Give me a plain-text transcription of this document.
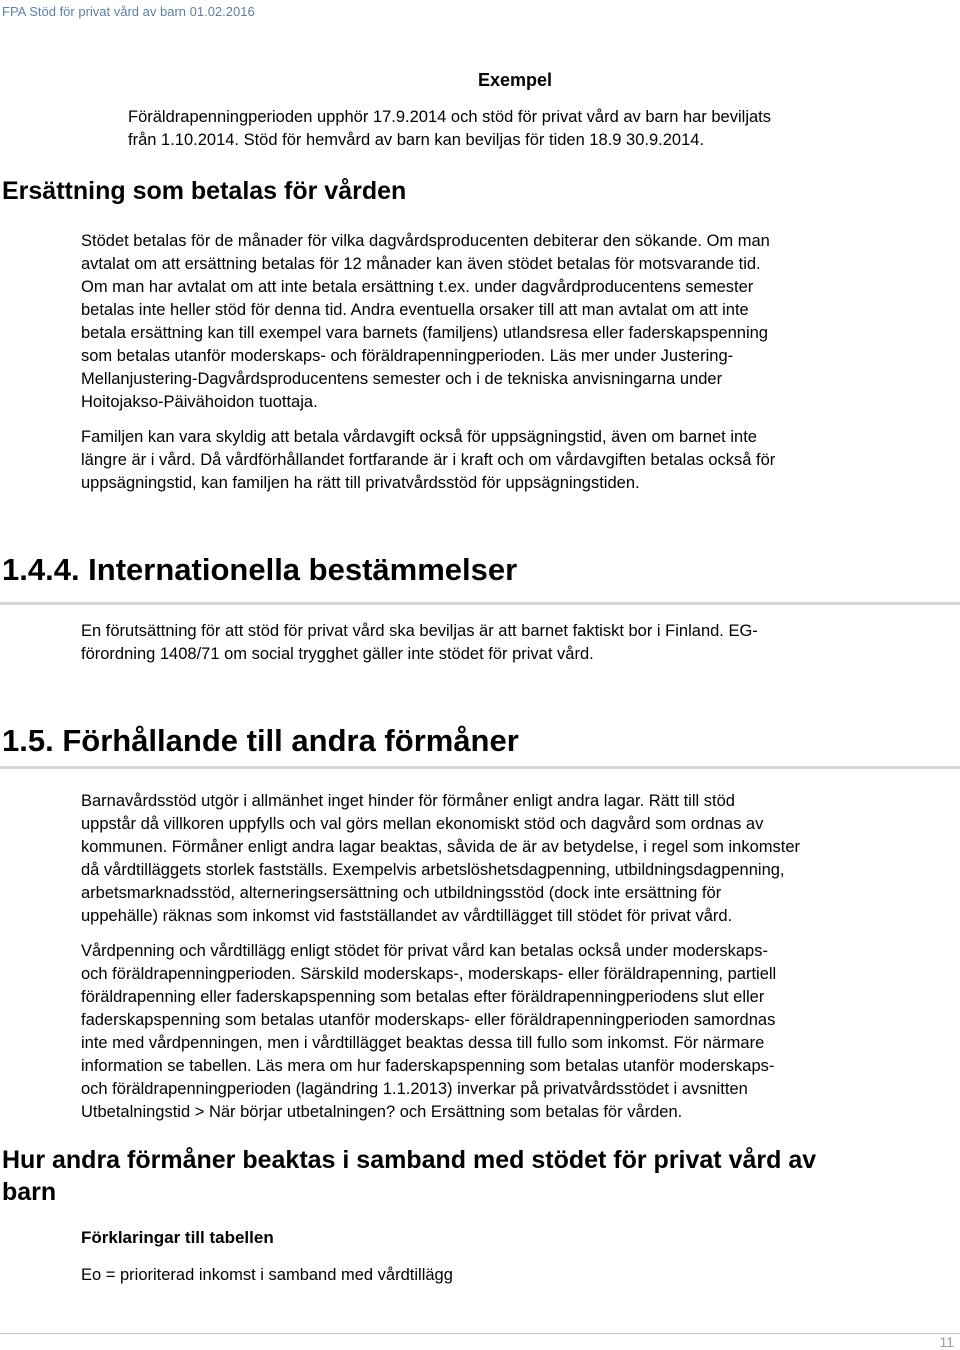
FPA Stöd för privat vård av barn 01.02.2016
Exempel
Föräldrapenningperioden upphör 17.9.2014 och stöd för privat vård av barn har beviljats
från 1.10.2014. Stöd för hemvård av barn kan beviljas för tiden 18.9 30.9.2014.
Ersättning som betalas för vården
Stödet betalas för de månader för vilka dagvårdsproducenten debiterar den sökande. Om man
avtalat om att ersättning betalas för 12 månader kan även stödet betalas för motsvarande tid.
Om man har avtalat om att inte betala ersättning t.ex. under dagvårdproducentens semester
betalas inte heller stöd för denna tid. Andra eventuella orsaker till att man avtalat om att inte
betala ersättning kan till exempel vara barnets (familjens) utlandsresa eller faderskapspenning
som betalas utanför moderskaps- och föräldrapenningperioden. Läs mer under Justering-
Mellanjustering-Dagvårdsproducentens semester och i de tekniska anvisningarna under
Hoitojakso-Päivähoidon tuottaja.
Familjen kan vara skyldig att betala vårdavgift också för uppsägningstid, även om barnet inte
längre är i vård. Då vårdförhållandet fortfarande är i kraft och om vårdavgiften betalas också för
uppsägningstid, kan familjen ha rätt till privatvårdsstöd för uppsägningstiden.
1.4.4. Internationella bestämmelser
En förutsättning för att stöd för privat vård ska beviljas är att barnet faktiskt bor i Finland. EG-
förordning 1408/71 om social trygghet gäller inte stödet för privat vård.
1.5. Förhållande till andra förmåner
Barnavårdsstöd utgör i allmänhet inget hinder för förmåner enligt andra lagar. Rätt till stöd
uppstår då villkoren uppfylls och val görs mellan ekonomiskt stöd och dagvård som ordnas av
kommunen. Förmåner enligt andra lagar beaktas, såvida de är av betydelse, i regel som inkomster
då vårdtilläggets storlek fastställs. Exempelvis arbetslöshetsdagpenning, utbildningsdagpenning,
arbetsmarknadsstöd, alterneringsersättning och utbildningsstöd (dock inte ersättning för
uppehälle) räknas som inkomst vid fastställandet av vårdtillägget till stödet för privat vård.
Vårdpenning och vårdtillägg enligt stödet för privat vård kan betalas också under moderskaps-
och föräldrapenningperioden. Särskild moderskaps-, moderskaps- eller föräldrapenning, partiell
föräldrapenning eller faderskapspenning som betalas efter föräldrapenningperiodens slut eller
faderskapspenning som betalas utanför moderskaps- eller föräldrapenningperioden samordnas
inte med vårdpenningen, men i vårdtillägget beaktas dessa till fullo som inkomst. För närmare
information se tabellen. Läs mera om hur faderskapspenning som betalas utanför moderskaps-
och föräldrapenningperioden (lagändring 1.1.2013) inverkar på privatvårdsstödet i avsnitten
Utbetalningstid > När börjar utbetalningen? och Ersättning som betalas för vården.
Hur andra förmåner beaktas i samband med stödet för privat vård av
barn
Förklaringar till tabellen
Eo = prioriterad inkomst i samband med vårdtillägg
11
